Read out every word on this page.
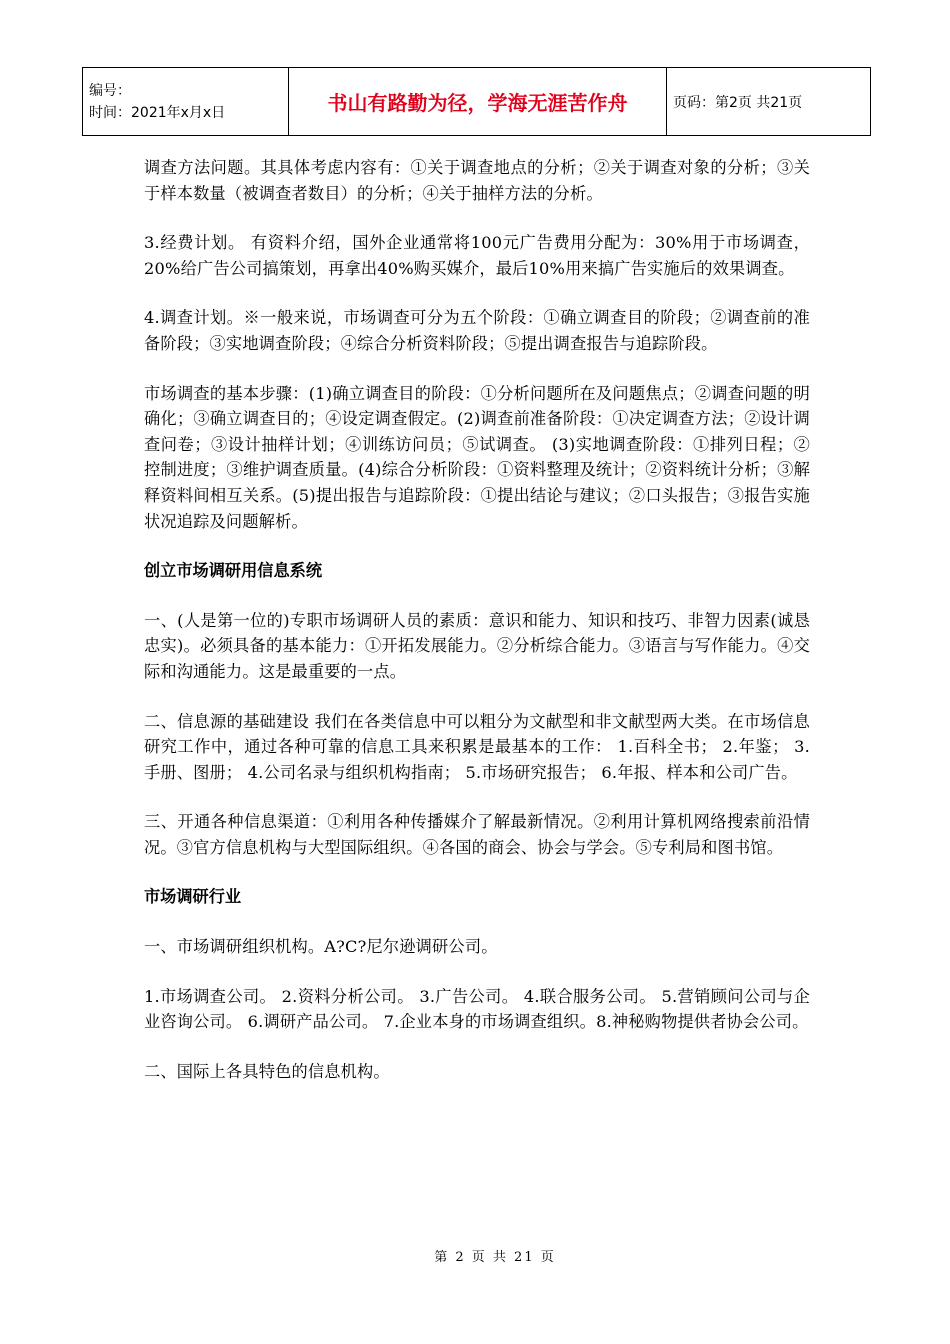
编号：
时间：2021年x月x日	书山有路勤为径，学海无涯苦作舟	页码：第2页 共21页

调查方法问题。其具体考虑内容有：①关于调查地点的分析；②关于调查对象的分析；③关于样本数量（被调查者数目）的分析；④关于抽样方法的分析。

3.经费计划。 有资料介绍，国外企业通常将100元广告费用分配为：30%用于市场调查，20%给广告公司搞策划，再拿出40%购买媒介，最后10%用来搞广告实施后的效果调查。

4.调查计划。※一般来说，市场调查可分为五个阶段：①确立调查目的阶段；②调查前的准备阶段；③实地调查阶段；④综合分析资料阶段；⑤提出调查报告与追踪阶段。

市场调查的基本步骤：(1)确立调查目的阶段：①分析问题所在及问题焦点；②调查问题的明确化；③确立调查目的；④设定调查假定。(2)调查前准备阶段：①决定调查方法；②设计调查问卷；③设计抽样计划；④训练访问员；⑤试调查。 (3)实地调查阶段：①排列日程；②控制进度；③维护调查质量。(4)综合分析阶段：①资料整理及统计；②资料统计分析；③解释资料间相互关系。(5)提出报告与追踪阶段：①提出结论与建议；②口头报告；③报告实施状况追踪及问题解析。

创立市场调研用信息系统

一、(人是第一位的)专职市场调研人员的素质：意识和能力、知识和技巧、非智力因素(诚恳忠实)。必须具备的基本能力：①开拓发展能力。②分析综合能力。③语言与写作能力。④交际和沟通能力。这是最重要的一点。

二、信息源的基础建设 我们在各类信息中可以粗分为文献型和非文献型两大类。在市场信息研究工作中，通过各种可靠的信息工具来积累是最基本的工作： 1.百科全书； 2.年鉴； 3.手册、图册； 4.公司名录与组织机构指南； 5.市场研究报告； 6.年报、样本和公司广告。

三、开通各种信息渠道：①利用各种传播媒介了解最新情况。②利用计算机网络搜索前沿情况。③官方信息机构与大型国际组织。④各国的商会、协会与学会。⑤专利局和图书馆。

市场调研行业

一、市场调研组织机构。A?C?尼尔逊调研公司。

1.市场调查公司。 2.资料分析公司。 3.广告公司。 4.联合服务公司。 5.营销顾问公司与企业咨询公司。 6.调研产品公司。 7.企业本身的市场调查组织。8.神秘购物提供者协会公司。

二、国际上各具特色的信息机构。

第 2 页 共 21 页
